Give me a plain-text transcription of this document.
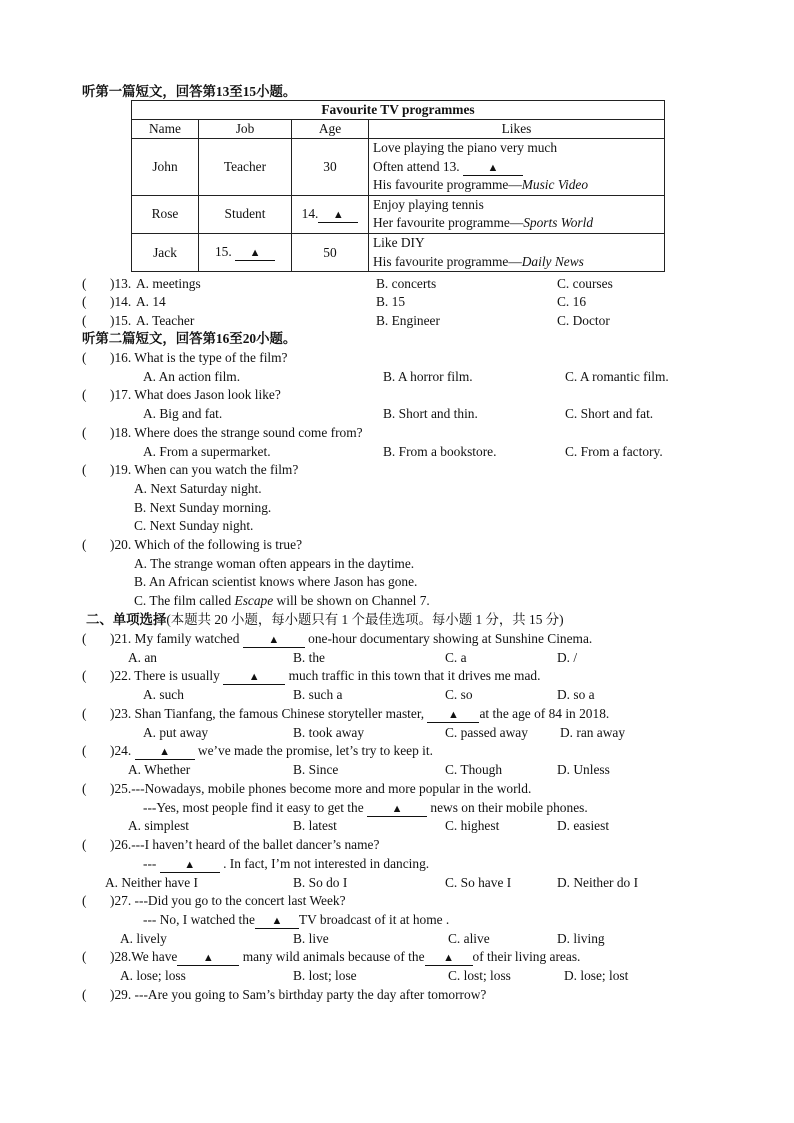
听第一篇短文，回答第13至15小题。
Favourite TV programmes			
Name	Job	Age	Likes
John	Teacher	30	Love playing the piano very much
Often attend 13. ▲
His favourite programme—Music Video

Rose	Student	14. ▲	Enjoy playing tennis
Her favourite programme—Sports World

Jack	15. ▲	50	Like DIY
His favourite programme—Daily News
( )13. A. meetings	B. concerts	C. courses
( )14. A. 14	B. 15	C. 16
( )15. A. Teacher	B. Engineer	C. Doctor
听第二篇短文，回答第16至20小题。
( )16. What is the type of the film?
A. An action film.	B. A horror film.	C. A romantic film.
( )17. What does Jason look like?
A. Big and fat.	B. Short and thin.	C. Short and fat.
( )18. Where does the strange sound come from?
A. From a supermarket.	B. From a bookstore.	C. From a factory.
( )19. When can you watch the film?
A. Next Saturday night.
B. Next Sunday morning.
C. Next Sunday night.
( )20. Which of the following is true?
A. The strange woman often appears in the daytime.
B. An African scientist knows where Jason has gone.
C. The film called Escape will be shown on Channel 7.
二、单项选择(本题共 20 小题，每小题只有 1 个最佳选项。每小题 1 分，共 15 分)
( )21. My family watched	▲ one-hour documentary showing at Sunshine Cinema.
A. an	B. the	C. a	D. /
( )22. There is usually	▲ much traffic in this town that it drives me mad.
A. such	B. such a	C. so	D. so a
( )23. Shan Tianfang, the famous Chinese storyteller master, ▲ at the age of 84 in 2018.
A. put away	B. took away	C. passed away D. ran away
( )24.	▲ we’ve made the promise, let’s try to keep it.
A. Whether	B. Since	C. Though	D. Unless
( )25.---Nowadays, mobile phones become more and more popular in the world.
---Yes, most people find it easy to get the	▲ news on their mobile phones.
A. simplest	B. latest	C. highest	D. easiest
( )26.---I haven’t heard of the ballet dancer’s name?
---	▲ . In fact, I’m not interested in dancing.
A. Neither have I	B. So do I	C. So have I	D. Neither do I
( )27. ---Did you go to the concert last Week?
--- No, I watched the ▲ TV broadcast of it at home .
A. lively	B. live	C. alive	D. living
( )28.We have ▲ many wild animals because of the ▲ of their living areas.
A. lose; loss	B. lost; lose	C. lost; loss	D. lose; lost
( )29. ---Are you going to Sam’s birthday party the day after tomorrow?
